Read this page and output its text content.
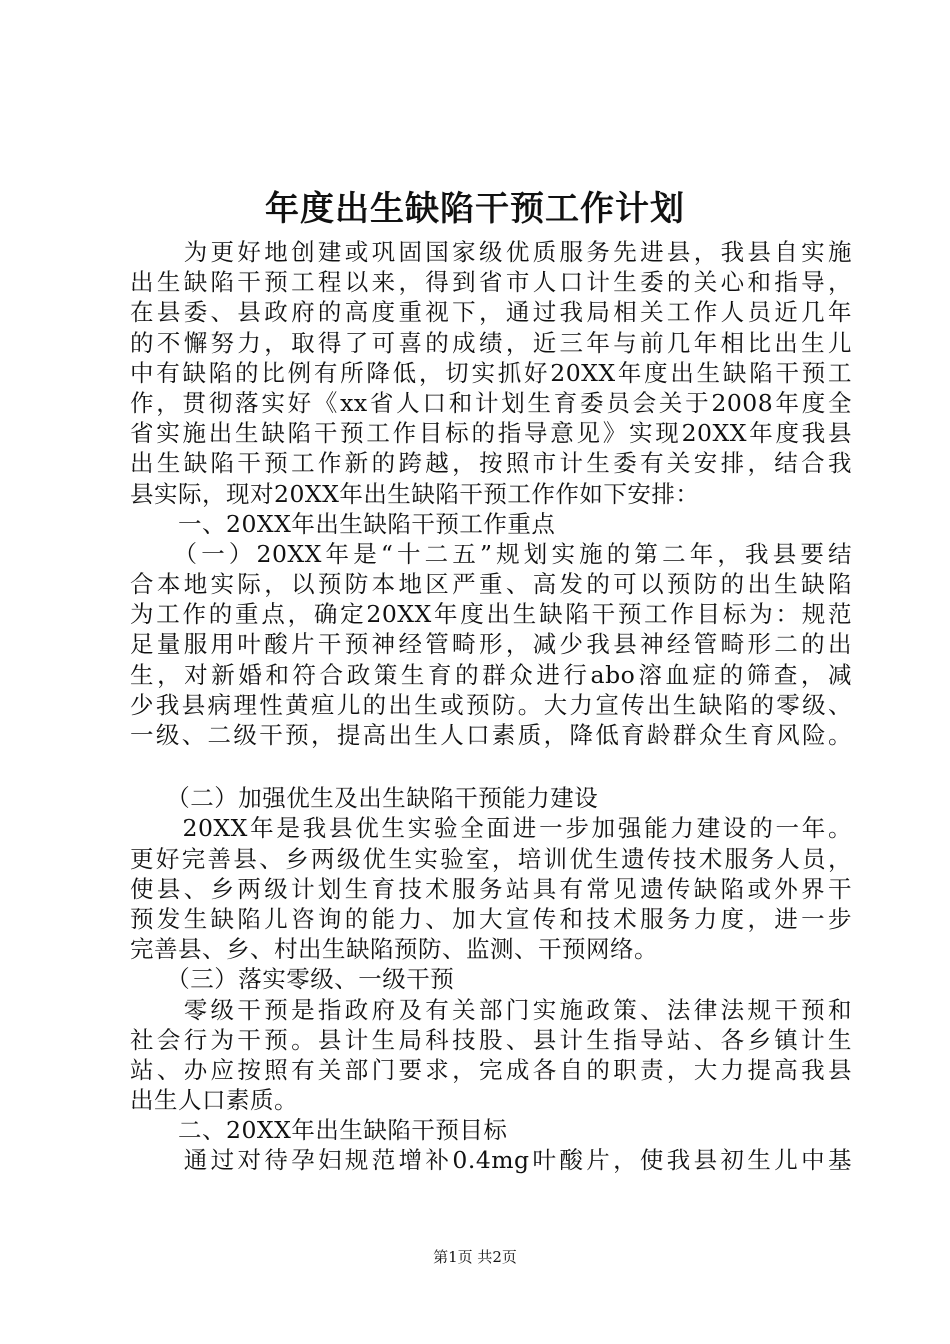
年度出生缺陷干预工作计划
　　为更好地创建或巩固国家级优质服务先进县，我县自实施
出生缺陷干预工程以来，得到省市人口计生委的关心和指导，
在县委、县政府的高度重视下，通过我局相关工作人员近几年
的不懈努力，取得了可喜的成绩，近三年与前几年相比出生儿
中有缺陷的比例有所降低，切实抓好20XX年度出生缺陷干预工
作，贯彻落实好《xx省人口和计划生育委员会关于2008年度全
省实施出生缺陷干预工作目标的指导意见》实现20XX年度我县
出生缺陷干预工作新的跨越，按照市计生委有关安排，结合我
县实际，现对20XX年出生缺陷干预工作作如下安排：
　　一、20XX年出生缺陷干预工作重点
　　（一）20XX年是“十二五”规划实施的第二年，我县要结
合本地实际，以预防本地区严重、高发的可以预防的出生缺陷
为工作的重点，确定20XX年度出生缺陷干预工作目标为：规范
足量服用叶酸片干预神经管畸形，减少我县神经管畸形二的出
生，对新婚和符合政策生育的群众进行abo溶血症的筛查，减
少我县病理性黄疸儿的出生或预防。大力宣传出生缺陷的零级、
一级、二级干预，提高出生人口素质，降低育龄群众生育风险。
　　（二）加强优生及出生缺陷干预能力建设
　　20XX年是我县优生实验全面进一步加强能力建设的一年。
更好完善县、乡两级优生实验室，培训优生遗传技术服务人员，
使县、乡两级计划生育技术服务站具有常见遗传缺陷或外界干
预发生缺陷儿咨询的能力、加大宣传和技术服务力度，进一步
完善县、乡、村出生缺陷预防、监测、干预网络。
　　（三）落实零级、一级干预
　　零级干预是指政府及有关部门实施政策、法律法规干预和
社会行为干预。县计生局科技股、县计生指导站、各乡镇计生
站、办应按照有关部门要求，完成各自的职责，大力提高我县
出生人口素质。
　　二、20XX年出生缺陷干预目标
　　通过对待孕妇规范增补0.4mg叶酸片，使我县初生儿中基
第1页 共2页
